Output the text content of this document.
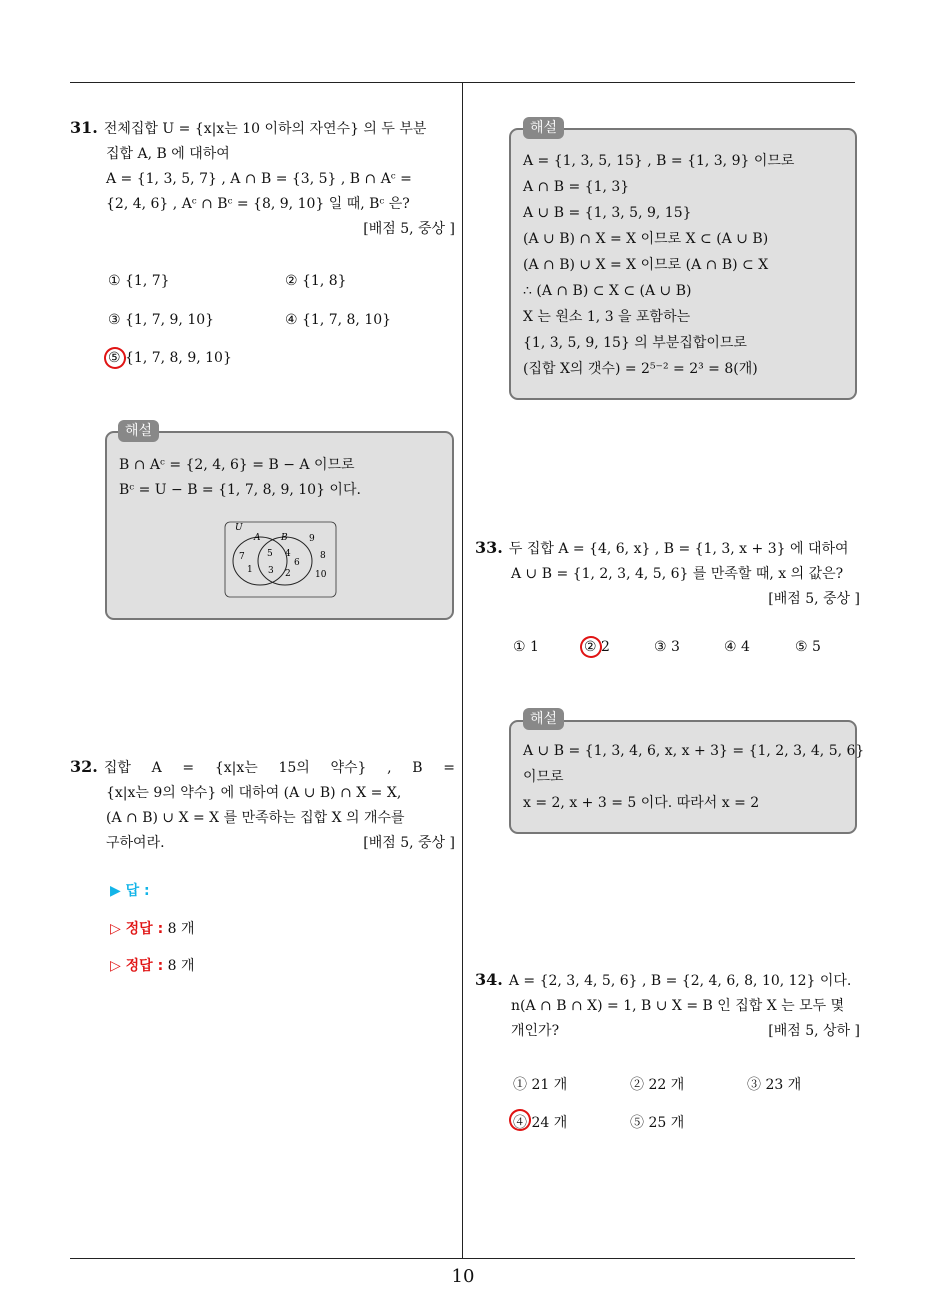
10
31. 전체집합 U = {x|x는 10 이하의 자연수} 의 두 부분
집합 A, B 에 대하여
A = {1, 3, 5, 7} , A ∩ B = {3, 5} , B ∩ Aᶜ =
{2, 4, 6} , Aᶜ ∩ Bᶜ = {8, 9, 10} 일 때, Bᶜ 은?
[배점 5, 중상 ]
① {1, 7}	② {1, 8}
③ {1, 7, 9, 10}	④ {1, 7, 8, 10}
⑤ {1, 7, 8, 9, 10}
B ∩ Aᶜ = {2, 4, 6} = B − A 이므로
Bᶜ = U − B = {1, 7, 8, 9, 10} 이다.
U
A B
7
1
5
3
4
6
2
9
8
10
해설
32. 집합 A = {x|x는 15의 약수} , B =
{x|x는 9의 약수} 에 대하여 (A ∪ B) ∩ X = X,
(A ∩ B) ∪ X = X 를 만족하는 집합 X 의 개수를
구하여라.	[배점 5, 중상 ]
▶ 답 :
▷ 정답 : 8 개
▷ 정답 : 8 개
A = {1, 3, 5, 15} , B = {1, 3, 9} 이므로
A ∩ B = {1, 3}
A ∪ B = {1, 3, 5, 9, 15}
(A ∪ B) ∩ X = X 이므로 X ⊂ (A ∪ B)
(A ∩ B) ∪ X = X 이므로 (A ∩ B) ⊂ X
∴ (A ∩ B) ⊂ X ⊂ (A ∪ B)
X 는 원소 1, 3 을 포함하는
{1, 3, 5, 9, 15} 의 부분집합이므로
(집합 X의 갯수) = 2⁵⁻² = 2³ = 8(개)
해설
33. 두 집합 A = {4, 6, x} , B = {1, 3, x + 3} 에 대하여
A ∪ B = {1, 2, 3, 4, 5, 6} 를 만족할 때, x 의 값은?
[배점 5, 중상 ]
① 1	② 2	③ 3	④ 4	⑤ 5
A ∪ B = {1, 3, 4, 6, x, x + 3} = {1, 2, 3, 4, 5, 6}
이므로
x = 2, x + 3 = 5 이다. 따라서 x = 2
해설
34. A = {2, 3, 4, 5, 6} , B = {2, 4, 6, 8, 10, 12} 이다.
n(A ∩ B ∩ X) = 1, B ∪ X = B 인 집합 X 는 모두 몇
개인가?	[배점 5, 상하 ]
① 21 개	② 22 개	③ 23 개
④ 24 개	⑤ 25 개
